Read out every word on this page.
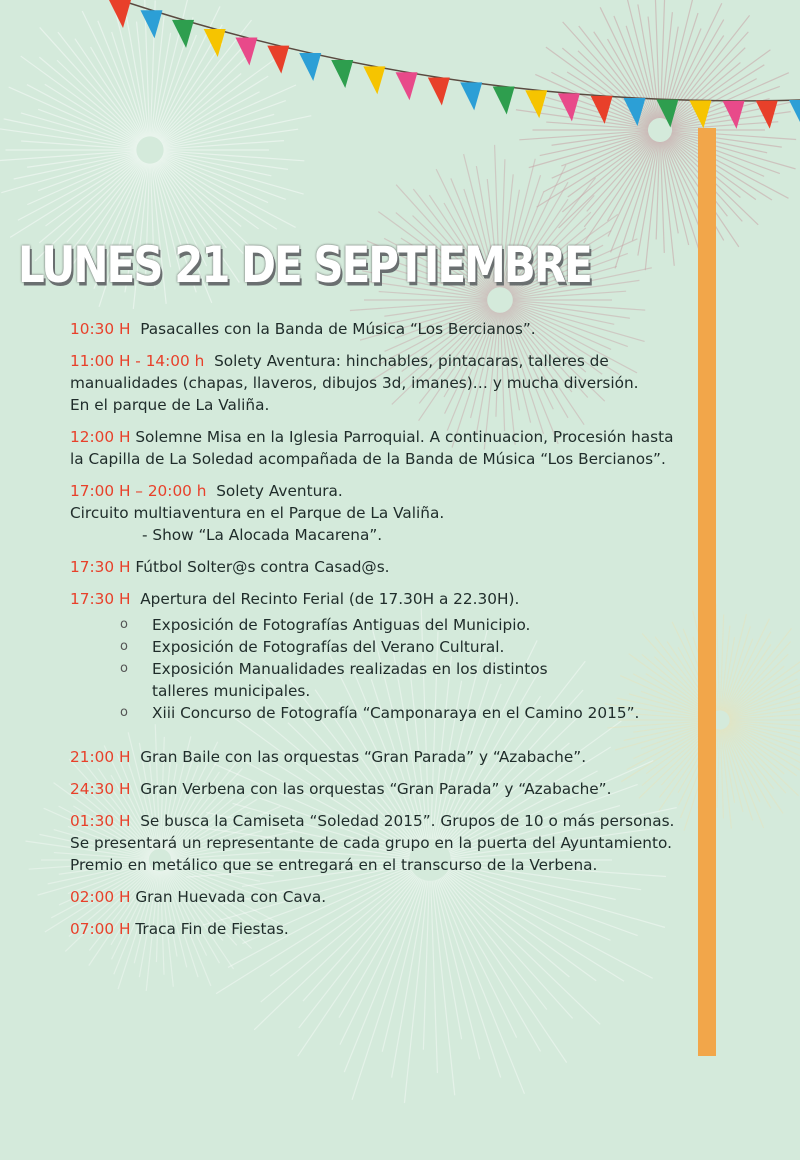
LUNES 21 DE SEPTIEMBRE
10:30 H Pasacalles con la Banda de Música “Los Bercianos”.
11:00 H - 14:00 h Solety Aventura: hinchables, pintacaras, talleres de
manualidades (chapas, llaveros, dibujos 3d, imanes)… y mucha diversión.
En el parque de La Valiña.
12:00 H Solemne Misa en la Iglesia Parroquial. A continuacion, Procesión hasta
la Capilla de La Soledad acompañada de la Banda de Música “Los Bercianos”.
17:00 H – 20:00 h Solety Aventura.
Circuito multiaventura en el Parque de La Valiña.
- Show “La Alocada Macarena”.
17:30 H Fútbol Solter@s contra Casad@s.
17:30 H Apertura del Recinto Ferial (de 17.30H a 22.30H).
o Exposición de Fotografías Antiguas del Municipio.
o Exposición de Fotografías del Verano Cultural.
o Exposición Manualidades realizadas en los distintos talleres municipales.
o Xiii Concurso de Fotografía “Camponaraya en el Camino 2015”.
21:00 H Gran Baile con las orquestas “Gran Parada” y “Azabache”.
24:30 H Gran Verbena con las orquestas “Gran Parada” y “Azabache”.
01:30 H Se busca la Camiseta “Soledad 2015”. Grupos de 10 o más personas.
Se presentará un representante de cada grupo en la puerta del Ayuntamiento.
Premio en metálico que se entregará en el transcurso de la Verbena.
02:00 H Gran Huevada con Cava.
07:00 H Traca Fin de Fiestas.
